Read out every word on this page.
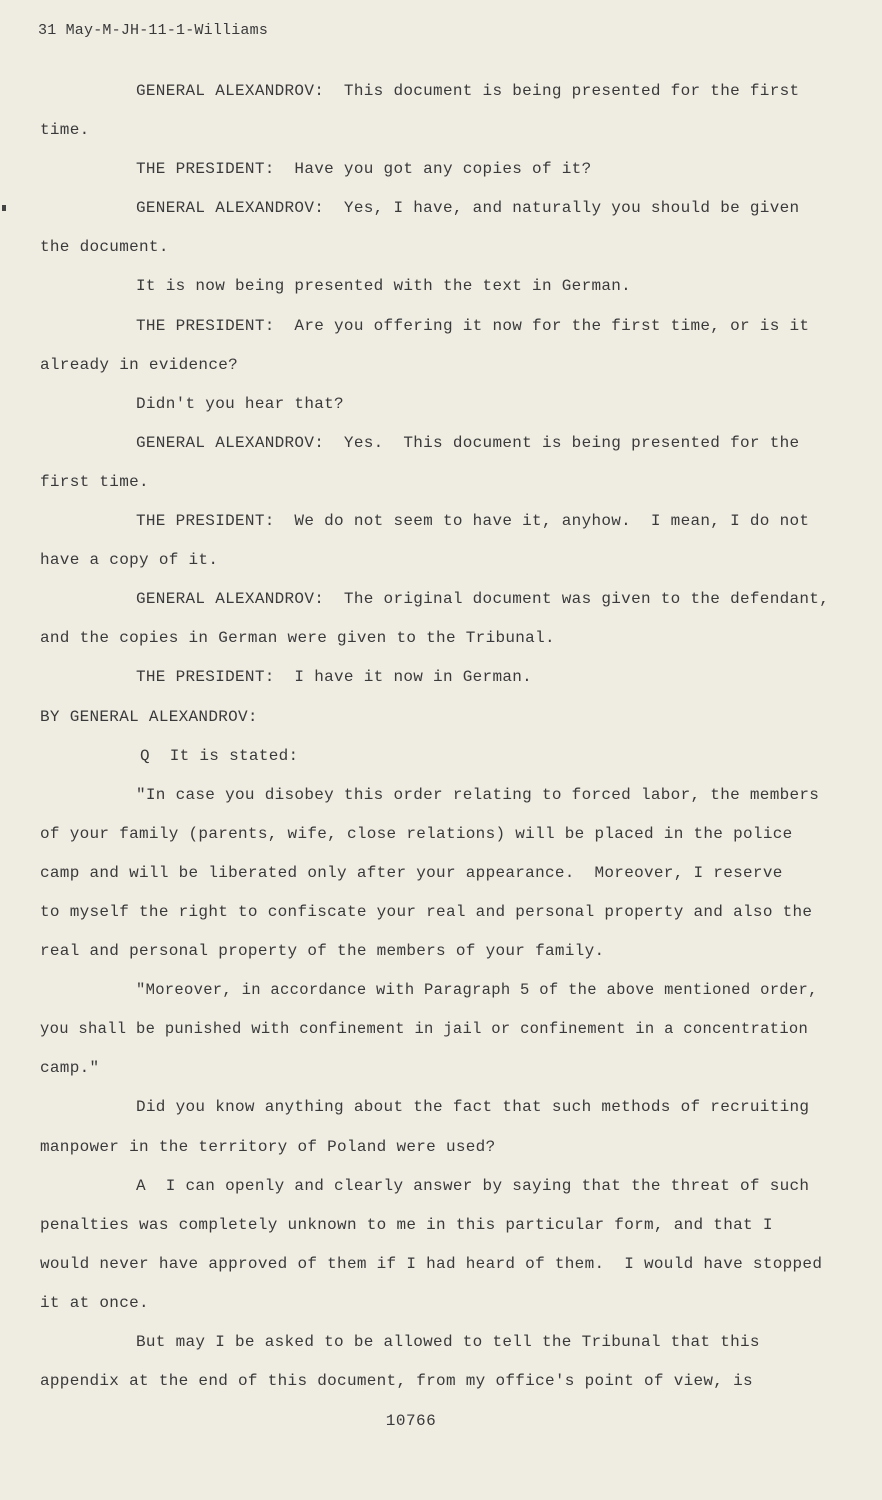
31 May-M-JH-11-1-Williams
GENERAL ALEXANDROV:  This document is being presented for the first
time.
THE PRESIDENT:  Have you got any copies of it?
GENERAL ALEXANDROV:  Yes, I have, and naturally you should be given
the document.
It is now being presented with the text in German.
THE PRESIDENT:  Are you offering it now for the first time, or is it
already in evidence?
Didn't you hear that?
GENERAL ALEXANDROV:  Yes.  This document is being presented for the
first time.
THE PRESIDENT:  We do not seem to have it, anyhow.  I mean, I do not
have a copy of it.
GENERAL ALEXANDROV:  The original document was given to the defendant,
and the copies in German were given to the Tribunal.
THE PRESIDENT:  I have it now in German.
BY GENERAL ALEXANDROV:
Q  It is stated:
"In case you disobey this order relating to forced labor, the members
of your family (parents, wife, close relations) will be placed in the police
camp and will be liberated only after your appearance.  Moreover, I reserve
to myself the right to confiscate your real and personal property and also the
real and personal property of the members of your family.
"Moreover, in accordance with Paragraph 5 of the above mentioned order,
you shall be punished with confinement in jail or confinement in a concentration
camp."
Did you know anything about the fact that such methods of recruiting
manpower in the territory of Poland were used?
A  I can openly and clearly answer by saying that the threat of such
penalties was completely unknown to me in this particular form, and that I
would never have approved of them if I had heard of them.  I would have stopped
it at once.
But may I be asked to be allowed to tell the Tribunal that this
appendix at the end of this document, from my office's point of view, is
10766
